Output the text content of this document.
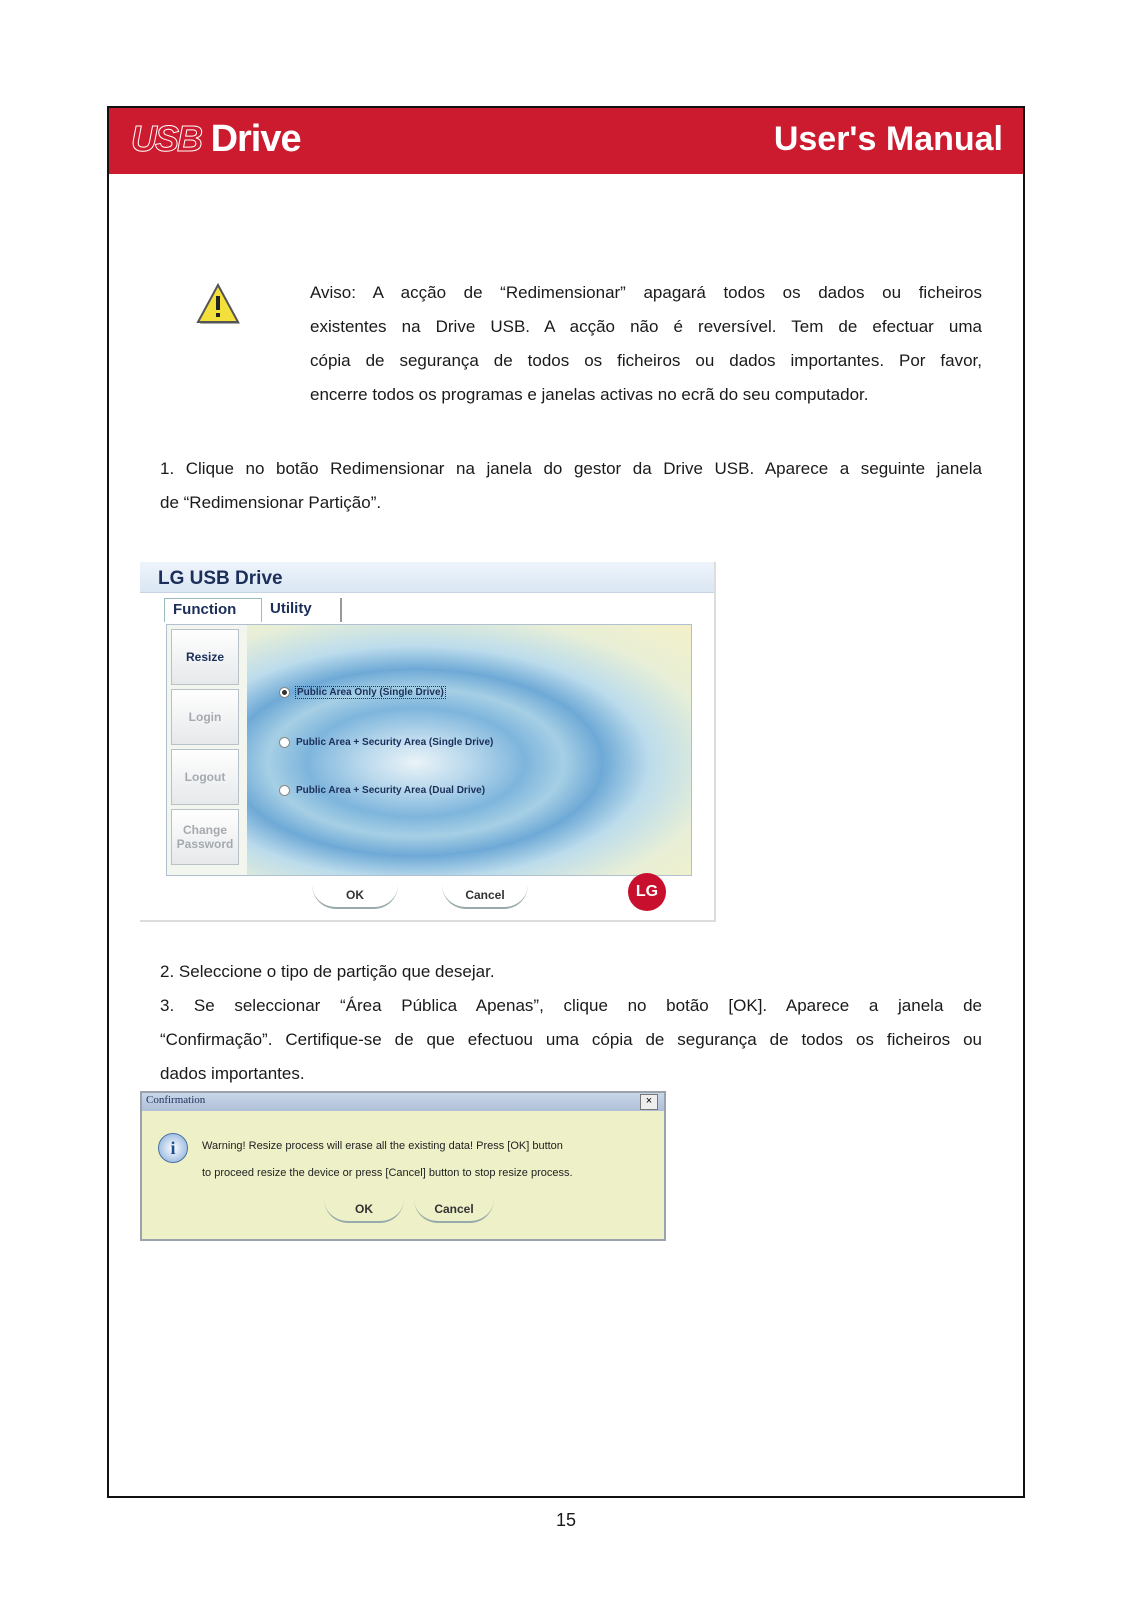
USB Drive	User's Manual
Aviso: A acção de “Redimensionar” apagará todos os dados ou ficheiros
existentes na Drive USB. A acção não é reversível. Tem de efectuar uma
cópia de segurança de todos os ficheiros ou dados importantes. Por favor,
encerre todos os programas e janelas activas no ecrã do seu computador.
1. Clique no botão Redimensionar na janela do gestor da Drive USB. Aparece a seguinte janela
de “Redimensionar Partição”.
LG USB Drive
Function	Utility
Resize
Login
Logout
Change
Password
Public Area Only (Single Drive)
Public Area + Security Area (Single Drive)
Public Area + Security Area (Dual Drive)
OK	Cancel	LG
2. Seleccione o tipo de partição que desejar.
3. Se seleccionar “Área Pública Apenas”, clique no botão [OK]. Aparece a janela de
“Confirmação”. Certifique-se de que efectuou uma cópia de segurança de todos os ficheiros ou
dados importantes.
Confirmation	×
i	Warning! Resize process will erase all the existing data! Press [OK] button
to proceed resize the device or press [Cancel] button to stop resize process.
OK	Cancel
15
